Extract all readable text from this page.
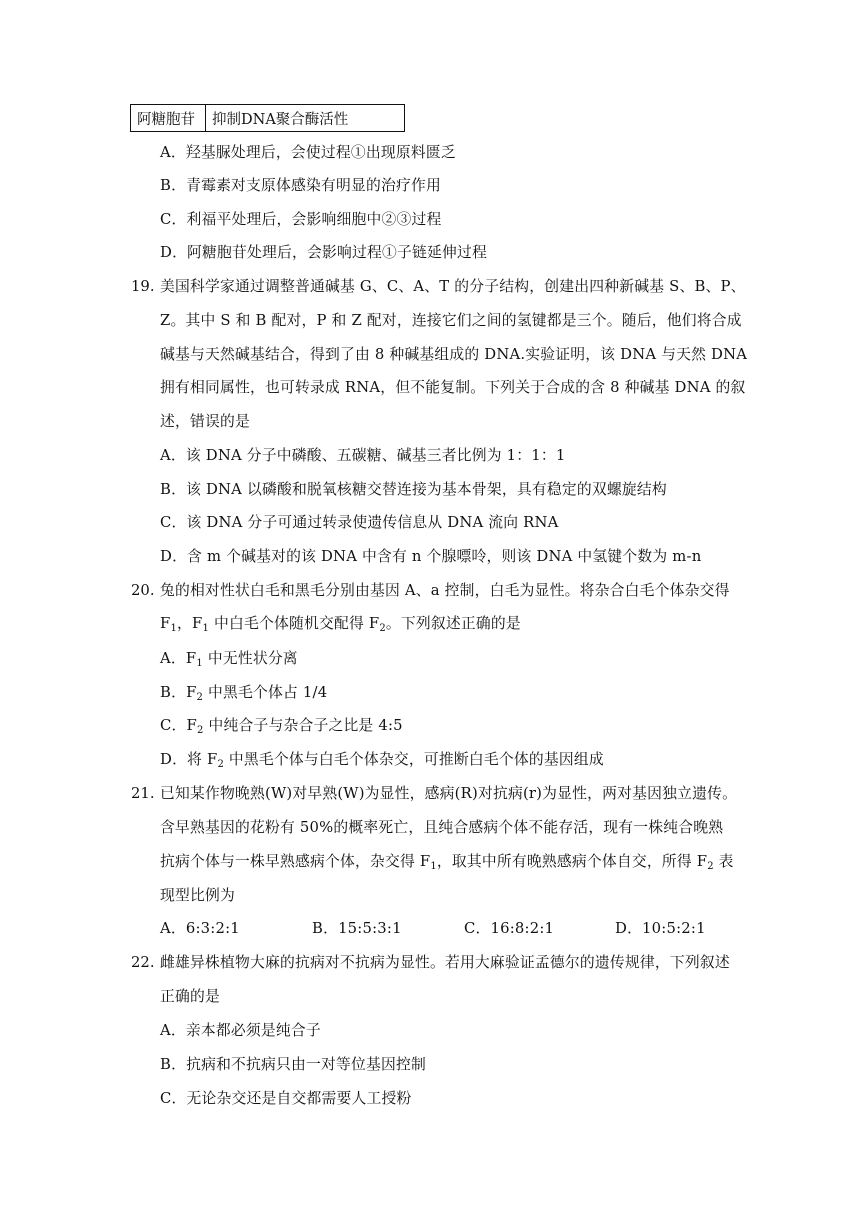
阿糖胞苷	抑制DNA聚合酶活性
A．羟基脲处理后，会使过程①出现原料匮乏
B．青霉素对支原体感染有明显的治疗作用
C．利福平处理后，会影响细胞中②③过程
D．阿糖胞苷处理后，会影响过程①子链延伸过程
19. 美国科学家通过调整普通碱基 G、C、A、T 的分子结构，创建出四种新碱基 S、B、P、
Z。其中 S 和 B 配对，P 和 Z 配对，连接它们之间的氢键都是三个。随后，他们将合成
碱基与天然碱基结合，得到了由 8 种碱基组成的 DNA.实验证明，该 DNA 与天然 DNA
拥有相同属性，也可转录成 RNA，但不能复制。下列关于合成的含 8 种碱基 DNA 的叙
述，错误的是
A．该 DNA 分子中磷酸、五碳糖、碱基三者比例为 1：1：1
B．该 DNA 以磷酸和脱氧核糖交替连接为基本骨架，具有稳定的双螺旋结构
C．该 DNA 分子可通过转录使遗传信息从 DNA 流向 RNA
D．含 m 个碱基对的该 DNA 中含有 n 个腺嘌呤，则该 DNA 中氢键个数为 m-n
20. 兔的相对性状白毛和黑毛分别由基因 A、a 控制，白毛为显性。将杂合白毛个体杂交得
$F_1$，$F_1$ 中白毛个体随机交配得 $F_2$。下列叙述正确的是
A．$F_1$ 中无性状分离
B．$F_2$ 中黑毛个体占 1/4
C．$F_2$ 中纯合子与杂合子之比是 4:5
D．将 $F_2$ 中黑毛个体与白毛个体杂交，可推断白毛个体的基因组成
21. 已知某作物晚熟(W)对早熟(W)为显性，感病(R)对抗病(r)为显性，两对基因独立遗传。
含早熟基因的花粉有 50%的概率死亡，且纯合感病个体不能存活，现有一株纯合晚熟
抗病个体与一株早熟感病个体，杂交得 $F_1$，取其中所有晚熟感病个体自交，所得 $F_2$ 表
现型比例为
A．6:3:2:1	B．15:5:3:1	C．16:8:2:1	D．10:5:2:1
22. 雌雄异株植物大麻的抗病对不抗病为显性。若用大麻验证孟德尔的遗传规律，下列叙述
正确的是
A．亲本都必须是纯合子
B．抗病和不抗病只由一对等位基因控制
C．无论杂交还是自交都需要人工授粉
